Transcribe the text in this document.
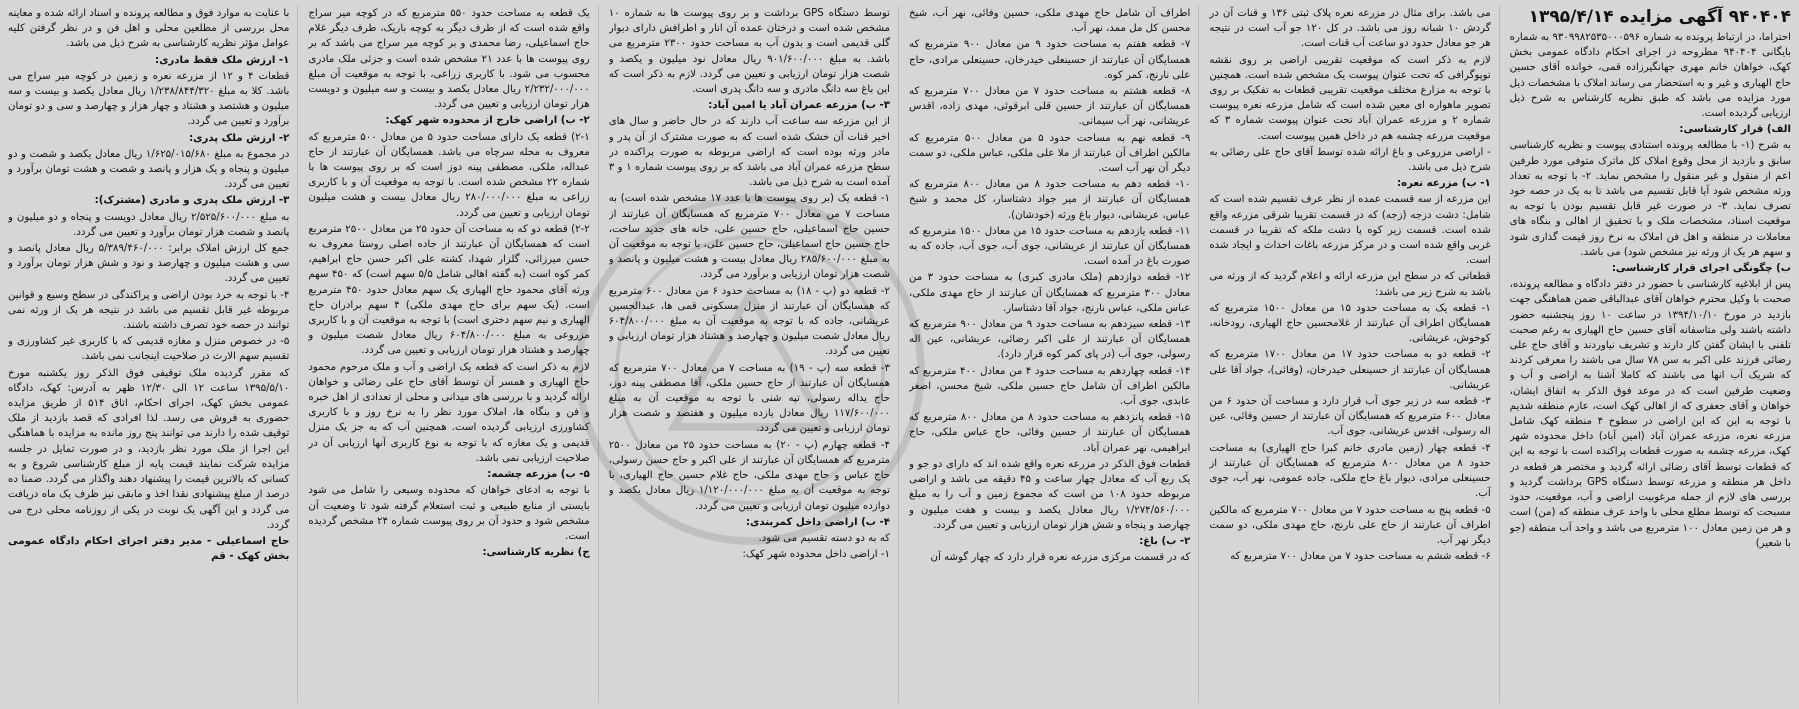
۹۴۰۴۰۴ آگهی مزایده ۱۳۹۵/۴/۱۴

احتراما، در ارتباط پرونده به شماره ۹۳۰۹۹۸۲۵۳۵۰۰۰۵۹۶ به شماره بایگانی ۹۴۰۴۰۴ مطروحه در اجرای احکام دادگاه عمومی بخش کهک، خواهان خانم مهری جهانگیرزاده قمی، خوانده آقای حسین حاج الهیاری و غیر و به استحضار می رساند املاک با مشخصات ذیل مورد مزایده می باشد که طبق نظریه کارشناس به شرح ذیل ارزیابی گردیده است.

الف) قرار کارشناسی:

به شرح (۱- با مطالعه پرونده استنادی پیوست و نظریه کارشناسی سابق و بازدید از محل وقوع املاک کل ماترک متوفی مورد طرفین اعم از منقول و غیر منقول را مشخص نماید. ۲- با توجه به تعداد ورثه مشخص شود آیا قابل تقسیم می باشد تا به یک در حصه خود تصرف نماید. ۳- در صورت غیر قابل تقسیم بودن با توجه به موقعیت اسناد، مشخصات ملک و با تحقیق از اهالی و بنگاه های معاملات در منطقه و اهل فن املاک به نرخ روز قیمت گذاری شود و سهم هر یک از ورثه نیز مشخص شود) می باشد.

ب) چگونگی اجرای قرار کارشناسی:

پس از ابلاغیه کارشناسی با حضور در دفتر دادگاه و مطالعه پرونده، صحبت با وکیل محترم خواهان آقای عبدالباقی ضمن هماهنگی جهت بازدید در مورخ ۱۳۹۴/۱۰/۱۰ در ساعت ۱۰ روز پنجشنبه حضور داشته باشند ولی متاسفانه آقای حسین حاج الهیاری به رغم صحبت تلفنی با ایشان گفتن کار دارند و تشریف نیاوردند و آقای حاج علی رضائی فرزند علی اکبر به سن ۷۸ سال می باشند را معرفی کردند که شریک آب انها می باشند که کاملا آشنا به اراضی و آب و وضعیت طرفین است که در موعد فوق الذکر به اتفاق ایشان، خواهان و آقای جعفری که از اهالی کهک است، عازم منطقه شدیم با توجه به این که این اراضی در سطوح ۴ منطقه کهک شامل مزرعه نعره، مزرعه عمران آباد (امین آباد) داخل محدوده شهر کهک، مزرعه چشمه به صورت قطعات پراکنده است با توجه به این که قطعات توسط آقای رضائی ارائه گردید و مختصر هر قطعه در داخل هر منطقه و مزرعه توسط دستگاه GPS برداشت گردید و بررسی های لازم از جمله مرغوبیت اراضی و آب، موقعیت، حدود مسبحت که توسط مطلع محلی با واحد عرف منطقه که (من) است و هر من زمین معادل ۱۰۰ مترمربع می باشد و واحد آب منطقه (جو با شعیر)

می باشد. برای مثال در مزرعه نعره پلاک ثبتی ۱۳۶ و قنات آن در گردش ۱۰ شبانه روز می باشد. در کل ۱۲۰ جو آب است در نتیجه هر جو معادل حدود دو ساعت آب قنات است.

لازم به ذکر است که موقعیت تقریبی اراضی بر روی نقشه توپوگرافی که تحت عنوان پیوست یک مشخص شده است. همچنین با توجه به مزارع مختلف موقعیت تقریبی قطعات به تفکیک بر روی تصویر ماهواره ای معین شده است که شامل مزرعه نعره پیوست شماره ۲ و مزرعه عمران آباد تحت عنوان پیوست شماره ۳ که موقعیت مزرعه چشمه هم در داخل همین پیوست است.

- اراضی مزروعی و باغ ارائه شده توسط آقای حاج علی رضائی به شرح ذیل می باشد.

۱- ب) مزرعه نعره:

این مزرعه از سه قسمت عمده از نظر عرف تقسیم شده است که شامل: دشت دزجه (زجه) که در قسمت تقریبا شرقی مزرعه واقع شده است. قسمت زیر کوه یا دشت ملکه که تقریبا در قسمت غربی واقع شده است و در مرکز مزرعه باغات احداث و ایجاد شده است.

قطعاتی که در سطح این مزرعه ارائه و اعلام گردید که از ورثه می باشد به شرح زیر می باشد:

۱- قطعه یک به مساحت حدود ۱۵ من معادل ۱۵۰۰ مترمربع که همسایگان اطراف آن عبارتند از غلامحسین حاج الهیاری، رودخانه، کوخوش، عریشانی.

۲- قطعه دو به مساحت حدود ۱۷ من معادل ۱۷۰۰ مترمربع که همسایگان آن عبارتند از حسینعلی خیدرخان، (وفائی)، جواد آقا علی عریشانی.

۳- قطعه سه در زیر جوی آب قرار دارد و مساحت آن حدود ۶ من معادل ۶۰۰ مترمربع که همسایگان آن عبارتند از حسین وفائی، عین اله رسولی، اقدس عریشانی، جوی آب.

۴- قطعه چهار (زمین مادری خانم کبرا حاج الهیاری) به مساحت حدود ۸ من معادل ۸۰۰ مترمربع که همسایگان آن عبارتند از حسینعلی مرادی، دیوار باغ حاج ملکی، جاده عمومی، نهر آب، جوی آب.

۵- قطعه پنج به مساحت حدود ۷ من معادل ۷۰۰ مترمربع که مالکین اطراف آن عبارتند از حاج علی نارنج، حاج مهدی ملکی، دو سمت دیگر نهر آب.

۶- قطعه ششم به مساحت حدود ۷ من معادل ۷۰۰ مترمربع که

اطراف آن شامل حاج مهدی ملکی، حسین وفائی، نهر آب، شیخ محسن کل مل ممد، نهر آب.

۷- قطعه هفتم به مساحت حدود ۹ من معادل ۹۰۰ مترمربع که همسایگان آن عبارتند از حسینعلی خیدرخان، حسینعلی مرادی، حاج علی نارنج، کمر کوه.

۸- قطعه هشتم به مساحت حدود ۷ من معادل ۷۰۰ مترمربع که همسایگان آن عبارتند از حسین قلی ابرقوئی، مهدی زاده، اقدس عریشانی، نهر آب سیمانی.

۹- قطعه نهم به مساحت حدود ۵ من معادل ۵۰۰ مترمربع که مالکین اطراف آن عبارتند از ملا علی ملکی، عباس ملکی، دو سمت دیگر آن نهر آب است.

۱۰- قطعه دهم به مساحت حدود ۸ من معادل ۸۰۰ مترمربع که همسایگان آن عبارتند از میر جواد دشتاسار، کل محمد و شیخ عباس، عریشانی، دیوار باغ ورثه (خودشان).

۱۱- قطعه یازدهم به مساحت حدود ۱۵ من معادل ۱۵۰۰ مترمربع که همسایگان آن عبارتند از عریشانی، جوی آب، جوی آب، جاده که به صورت باغ در آمده است.

۱۲- قطعه دوازدهم (ملک مادری کبری) به مساحت حدود ۳ من معادل ۳۰۰ مترمربع که همسایگان آن عبارتند از حاج مهدی ملکی، عباس ملکی، عباس نارنج، جواد آقا دشتاسار.

۱۳- قطعه سیزدهم به مساحت حدود ۹ من معادل ۹۰۰ مترمربع که همسایگان آن عبارتند از علی اکبر رضائی، عریشانی، عین اله رسولی، جوی آب (در پای کمر کوه قرار دارد).

۱۴- قطعه چهاردهم به مساحت حدود ۴ من معادل ۴۰۰ مترمربع که مالکین اطراف آن شامل حاج حسین ملکی، شیخ محسن، اصغر عابدی، جوی آب.

۱۵- قطعه پانزدهم به مساحت حدود ۸ من معادل ۸۰۰ مترمربع که همسایگان آن عبارتند از حسین وفائی، حاج عباس ملکی، حاج ابراهیمی، نهر عمران آباد.

قطعات فوق الذکر در مزرعه نعره واقع شده اند که دارای دو جو و یک ربع آب که معادل چهار ساعت و ۴۵ دقیقه می باشد و اراضی مربوطه حدود ۱۰۸ من است که مجموع زمین و آب را به مبلغ ۱/۲۷۴/۵۶۰/۰۰۰ ریال معادل یکصد و بیست و هفت میلیون و چهارصد و پنجاه و شش هزار تومان ارزیابی و تعیین می گردد.

۲- ب) باغ:

که در قسمت مرکزی مزرعه نعره قرار دارد که چهار گوشه آن

توسط دستگاه GPS برداشت و بر روی پیوست ها به شماره ۱۰ مشخص شده است و درختان عمده آن انار و اطرافش دارای دیوار گلی قدیمی است و بدون آب به مساحت حدود ۲۳۰۰ مترمربع می باشد. به مبلغ ۹۰۱/۶۰۰/۰۰۰ ریال معادل نود میلیون و یکصد و شصت هزار تومان ارزیابی و تعیین می گردد. لازم به ذکر است که این باغ سه دانگ مادری و سه دانگ پدری است.

۳- ب) مزرعه عمران آباد یا امین آباد:

از این مزرعه سه ساعت آب دارند که در حال حاضر و سال های اخیر قنات آن خشک شده است که به صورت مشترک از آن پدر و مادر ورثه بوده است که اراضی مربوطه به صورت پراکنده در سطح مزرعه عمران آباد می باشد که بر روی پیوست شماره ۱ و ۳ آمده است به شرح ذیل می باشد.

۱- قطعه یک (بر روی پیوست ها با عدد ۱۷ مشخص شده است) به مساحت ۷ من معادل ۷۰۰ مترمربع که همسایگان آن عبارتند از حسین حاج اسماعیلی، حاج حسین علی، خانه های جدید ساخت، حاج حسین حاج اسماعیلی، حاج حسین علی، با توجه به موقعیت آن به مبلغ ۲۸۵/۶۰۰/۰۰۰ ریال معادل بیست و هشت میلیون و پانصد و شصت هزار تومان ارزیابی و برآورد می گردد.

۲- قطعه دو (پ - ۱۸) به مساحت حدود ۶ من معادل ۶۰۰ مترمربع که همسایگان آن عبارتند از منزل مسکونی قمی ها، عبدالحسین عریشانی، جاده که با توجه به موقعیت آن به مبلغ ۶۰۴/۸۰۰/۰۰۰ ریال معادل شصت میلیون و چهارصد و هشتاد هزار تومان ارزیابی و تعیین می گردد.

۳- قطعه سه (پ - ۱۹) به مساحت ۷ من معادل ۷۰۰ مترمربع که همسایگان آن عبارتند از حاج حسین ملکی، آقا مصطفی پینه دوز، حاج یداله رسولی، تپه شنی با توجه به موقعیت آن به مبلغ ۱۱۷/۶۰۰/۰۰۰ ریال معادل یازده میلیون و هفتصد و شصت هزار تومان ارزیابی و تعیین می گردد.

۴- قطعه چهارم (پ - ۲۰) به مساحت حدود ۲۵ من معادل ۲۵۰۰ مترمربع که همسایگان آن عبارتند از علی اکبر و حاج حسن رسولی، حاج عباس و حاج مهدی ملکی، حاج غلام حسین حاج الهیاری، با توجه به موقعیت آن به مبلغ ۱/۱۲۰/۰۰۰/۰۰۰ ریال معادل یکصد و دوازده میلیون تومان ارزیابی و تعیین می گردد.

۴- ب) اراضی داخل کمربندی:

که به دو دسته تقسیم می شود.

۱- اراضی داخل محدوده شهر کهک:

یک قطعه به مساحت حدود ۵۵۰ مترمربع که در کوچه میر سراج واقع شده است که از طرف دیگر به کوچه باریک، طرف دیگر غلام حاج اسماعیلی، رضا محمدی و بر کوچه میر سراج می باشد که بر روی پیوست ها با عدد ۲۱ مشخص شده است و جزئی ملک مادری محسوب می شود. با کاربری زراعی، با توجه به موقعیت آن مبلغ ۲/۲۳۲/۰۰۰/۰۰۰ ریال معادل یکصد و بیست و سه میلیون و دویست هزار تومان ارزیابی و تعیین می گردد.

۲- ب) اراضی خارج از محدوده شهر کهک:

۲-۱) قطعه یک دارای مساحت حدود ۵ من معادل ۵۰۰ مترمربع که معروف به محله سرچاه می باشد. همسایگان آن عبارتند از حاج عبداله، ملکی، مصطفی پینه دوز است که بر روی پیوست ها با شماره ۲۲ مشخص شده است. با توجه به موقعیت آن و با کاربری زراعی به مبلغ ۲۸۰/۰۰۰/۰۰۰ ریال معادل بیست و هشت میلیون تومان ارزیابی و تعیین می گردد.

۲-۲) قطعه دو که به مساحت آن حدود ۲۵ من معادل ۲۵۰۰ مترمربع است که همسایگان آن عبارتند از جاده اصلی روستا معروف به حسن میرزائی، گلزار شهدا، کشته علی اکبر حسن حاج ابراهیم، کمر کوه است (به گفته اهالی شامل ۵/۵ سهم است) که ۴۵۰ سهم ورثه آقای محمود حاج الهیاری یک سهم معادل حدود ۴۵۰ مترمربع است. (یک سهم برای حاج مهدی ملکی) ۴ سهم برادران حاج الهیاری و نیم سهم دختری است) با توجه به موقعیت آن و با کاربری مزروعی به مبلغ ۶۰۴/۸۰۰/۰۰۰ ریال معادل شصت میلیون و چهارصد و هشتاد هزار تومان ارزیابی و تعیین می گردد.

لازم به ذکر است که قطعه یک اراضی و آب و ملک مرحوم محمود حاج الهیاری و همسر آن توسط آقای حاج علی رضائی و خواهان ارائه گردید و با بررسی های میدانی و محلی از تعدادی از اهل خبره و فن و بنگاه ها، املاک مورد نظر را به نرخ روز و با کاربری کشاورزی ارزیابی گردیده است. همچنین آب که به جز یک منزل قدیمی و یک مغازه که با توجه به نوع کاربری آنها ارزیابی آن در صلاحیت ارزیابی نمی باشد.

۵- ب) مزرعه چشمه:

با توجه به ادعای خواهان که محدوده وسیعی را شامل می شود بایستی از منابع طبیعی و ثبت استعلام گرفته شود تا وضعیت آن مشخص شود و حدود آن بر روی پیوست شماره ۲۴ مشخص گردیده است.

ج) نظریه کارشناسی:

با عنایت به موارد فوق و مطالعه پرونده و اسناد ارائه شده و معاینه محل بررسی از مطلعین محلی و اهل فن و در نظر گرفتن کلیه عوامل مؤثر نظریه کارشناسی به شرح ذیل می باشد.

۱- ارزش ملک فقط مادری:

قطعات ۴ و ۱۲ از مزرعه نعره و زمین در کوچه میر سراج می باشد. کلا به مبلغ ۱/۲۳۸/۸۴۴/۳۲۰ ریال معادل یکصد و بیست و سه میلیون و هشتصد و هشتاد و چهار هزار و چهارصد و سی و دو تومان برآورد و تعیین می گردد.

۲- ارزش ملک پدری:

در مجموع به مبلغ ۱/۶۲۵/۰۱۵/۶۸۰ ریال معادل یکصد و شصت و دو میلیون و پنجاه و یک هزار و پانصد و شصت و هشت تومان برآورد و تعیین می گردد.

۳- ارزش ملک پدری و مادری (مشترک):

به مبلغ ۲/۵۲۵/۶۰۰/۰۰۰ ریال معادل دویست و پنجاه و دو میلیون و پانصد و شصت هزار تومان برآورد و تعیین می گردد.

جمع کل ارزش املاک برابر: ۵/۳۸۹/۴۶۰/۰۰۰ ریال معادل پانصد و سی و هشت میلیون و چهارصد و نود و شش هزار تومان برآورد و تعیین می گردد.

۴- با توجه به خرد بودن اراضی و پراکندگی در سطح وسیع و قوانین مربوطه غیر قابل تقسیم می باشد در نتیجه هر یک از ورثه نمی توانند در حصه خود تصرف داشته باشند.

۵- در خصوص منزل و مغازه قدیمی که با کاربری غیر کشاورزی و تقسیم سهم الارث در صلاحیت اینجانب نمی باشد.

که مقرر گردیده ملک توقیفی فوق الذکر روز یکشنبه مورخ ۱۳۹۵/۵/۱۰ ساعت ۱۲ الی ۱۲/۳۰ ظهر به آدرس: کهک، دادگاه عمومی بخش کهک، اجرای احکام، اتاق ۵۱۴ از طریق مزایده حضوری به فروش می رسد. لذا افرادی که قصد بازدید از ملک توقیف شده را دارند می توانند پنج روز مانده به مزایده با هماهنگی این اجرا از ملک مورد نظر بازدید، و در صورت تمایل در جلسه مزایده شرکت نمایند قیمت پایه از مبلغ کارشناسی شروع و به کسانی که بالاترین قیمت را پیشنهاد دهند واگذار می گردد. ضمنا ده درصد از مبلغ پیشنهادی نقدا اخذ و مابقی نیز ظرف یک ماه دریافت می گردد و این آگهی یک نوبت در یکی از روزنامه محلی درج می گردد.

حاج اسماعیلی - مدیر دفتر اجرای احکام دادگاه عمومی بخش کهک - قم
